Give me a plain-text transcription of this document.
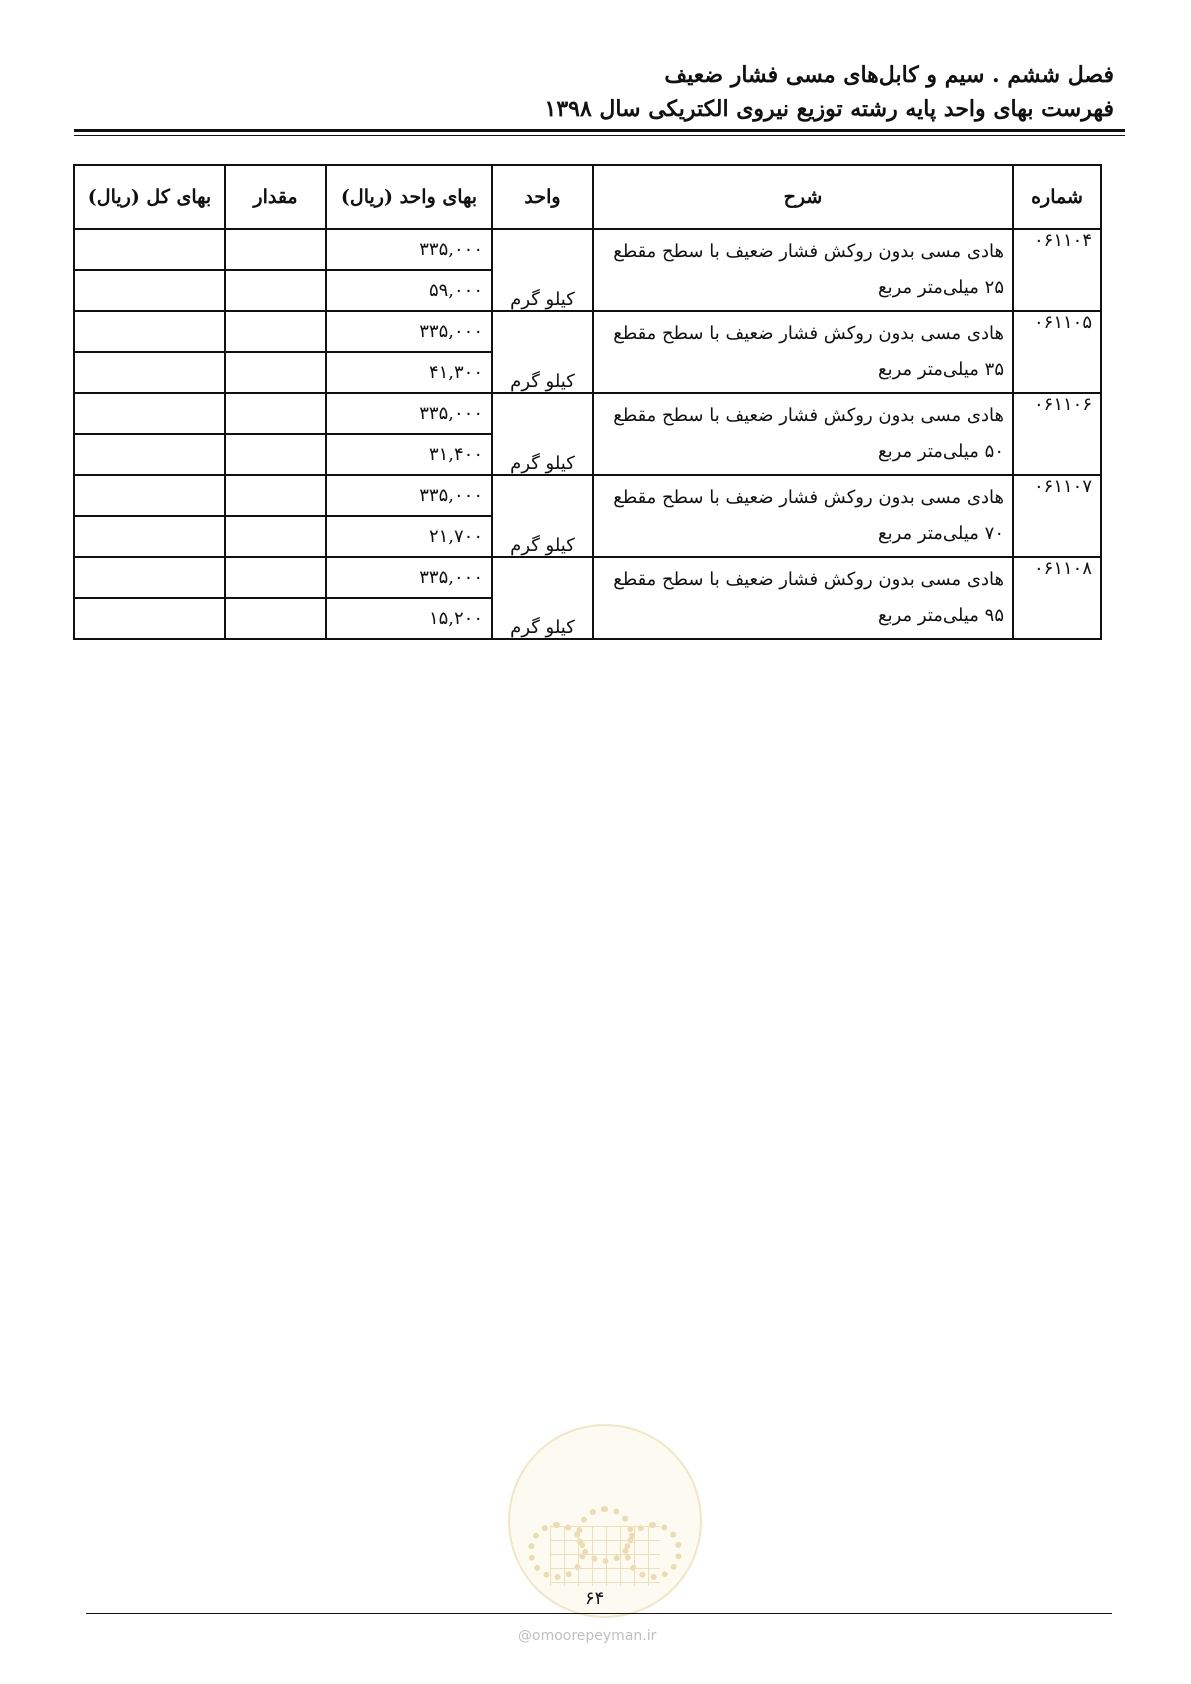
فصل ششم . سیم و کابل‌های مسی فشار ضعیف
فهرست بهای واحد پایه رشته توزیع نیروی الکتریکی سال ۱۳۹۸
شماره	شرح	واحد	بهای واحد (ریال)	مقدار	بهای کل (ریال)
۰۶۱۱۰۴	هادی مسی بدون روکش فشار ضعیف با سطح مقطع
۲۵ میلی‌متر مربع	کیلو گرم	۳۳۵,۰۰۰		
			۵۹,۰۰۰		
۰۶۱۱۰۵	هادی مسی بدون روکش فشار ضعیف با سطح مقطع
۳۵ میلی‌متر مربع	کیلو گرم	۳۳۵,۰۰۰		
			۴۱,۳۰۰		
۰۶۱۱۰۶	هادی مسی بدون روکش فشار ضعیف با سطح مقطع
۵۰ میلی‌متر مربع	کیلو گرم	۳۳۵,۰۰۰		
			۳۱,۴۰۰		
۰۶۱۱۰۷	هادی مسی بدون روکش فشار ضعیف با سطح مقطع
۷۰ میلی‌متر مربع	کیلو گرم	۳۳۵,۰۰۰		
			۲۱,۷۰۰		
۰۶۱۱۰۸	هادی مسی بدون روکش فشار ضعیف با سطح مقطع
۹۵ میلی‌متر مربع	کیلو گرم	۳۳۵,۰۰۰		
			۱۵,۲۰۰		
۶۴
@omoorepeyman.ir
